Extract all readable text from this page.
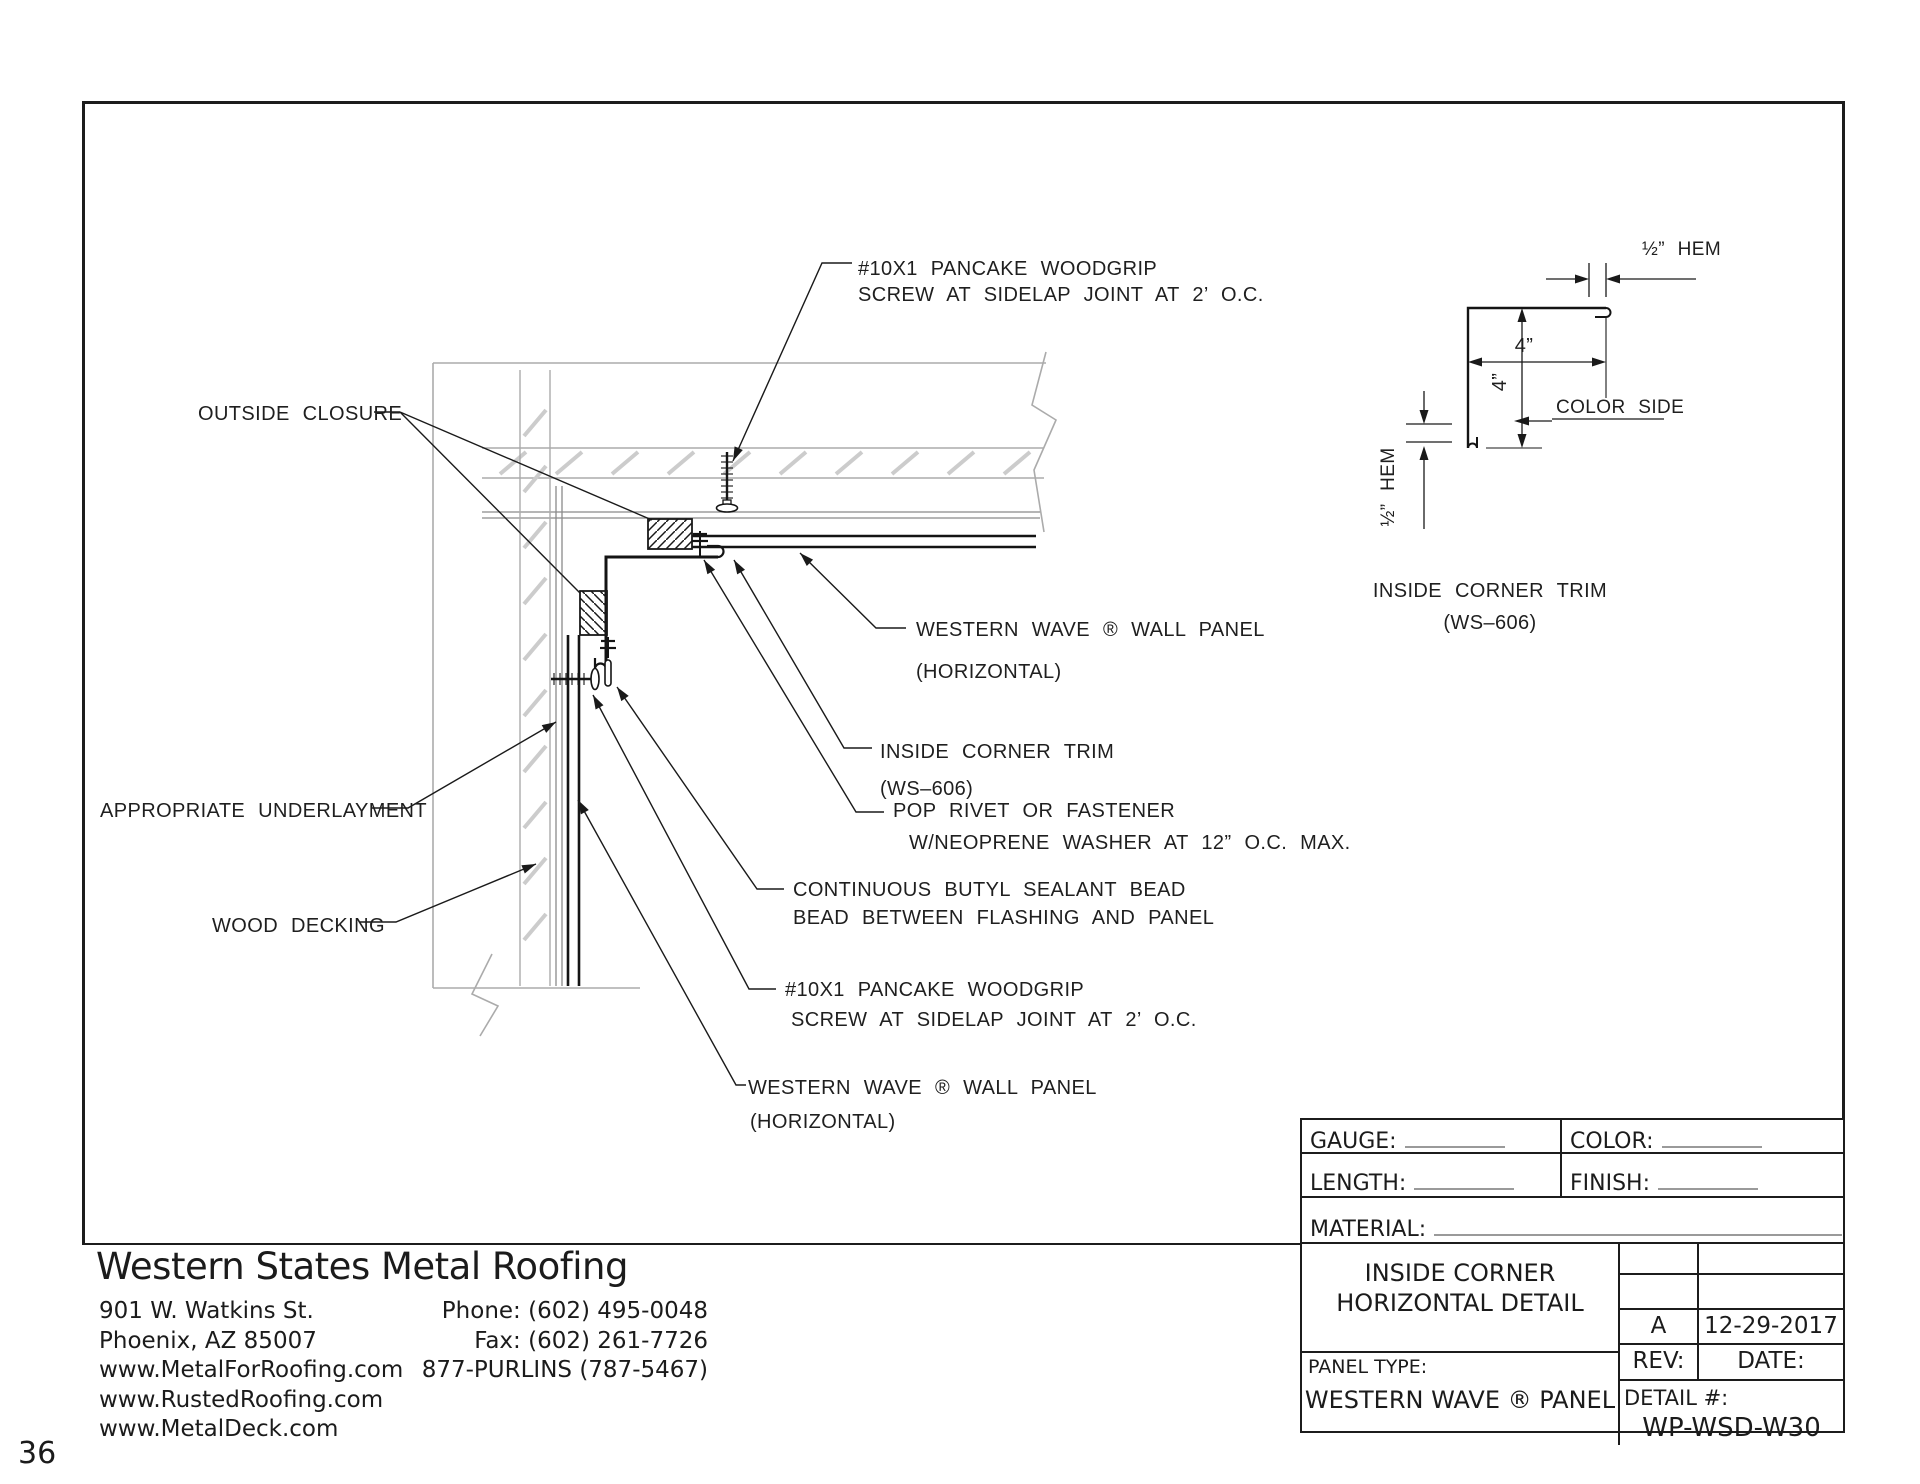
#10X1 PANCAKE WOODGRIP
SCREW AT SIDELAP JOINT AT 2’ O.C.
OUTSIDE CLOSURE
APPROPRIATE UNDERLAYMENT
WOOD DECKING
WESTERN WAVE ® WALL PANEL
(HORIZONTAL)
INSIDE CORNER TRIM
(WS–606)
POP RIVET OR FASTENER
W/NEOPRENE WASHER AT 12” O.C. MAX.
CONTINUOUS BUTYL SEALANT BEAD
BEAD BETWEEN FLASHING AND PANEL
#10X1 PANCAKE WOODGRIP
SCREW AT SIDELAP JOINT AT 2’ O.C.
WESTERN WAVE ® WALL PANEL
(HORIZONTAL)
4”
4”
COLOR SIDE
½” HEM
½” HEM
INSIDE CORNER TRIM
(WS–606)
GAUGE:	COLOR:
LENGTH:	FINISH:
MATERIAL:
INSIDE CORNER
HORIZONTAL DETAIL
PANEL TYPE:
WESTERN WAVE ® PANEL
A	12-29-2017
REV:	DATE:
DETAIL #:
WP-WSD-W30
Western States Metal Roofing
901 W. Watkins St.
Phoenix, AZ 85007
www.MetalForRoofing.com
www.RustedRoofing.com
www.MetalDeck.com
Phone: (602) 495-0048
Fax: (602) 261-7726
877-PURLINS (787-5467)
36
